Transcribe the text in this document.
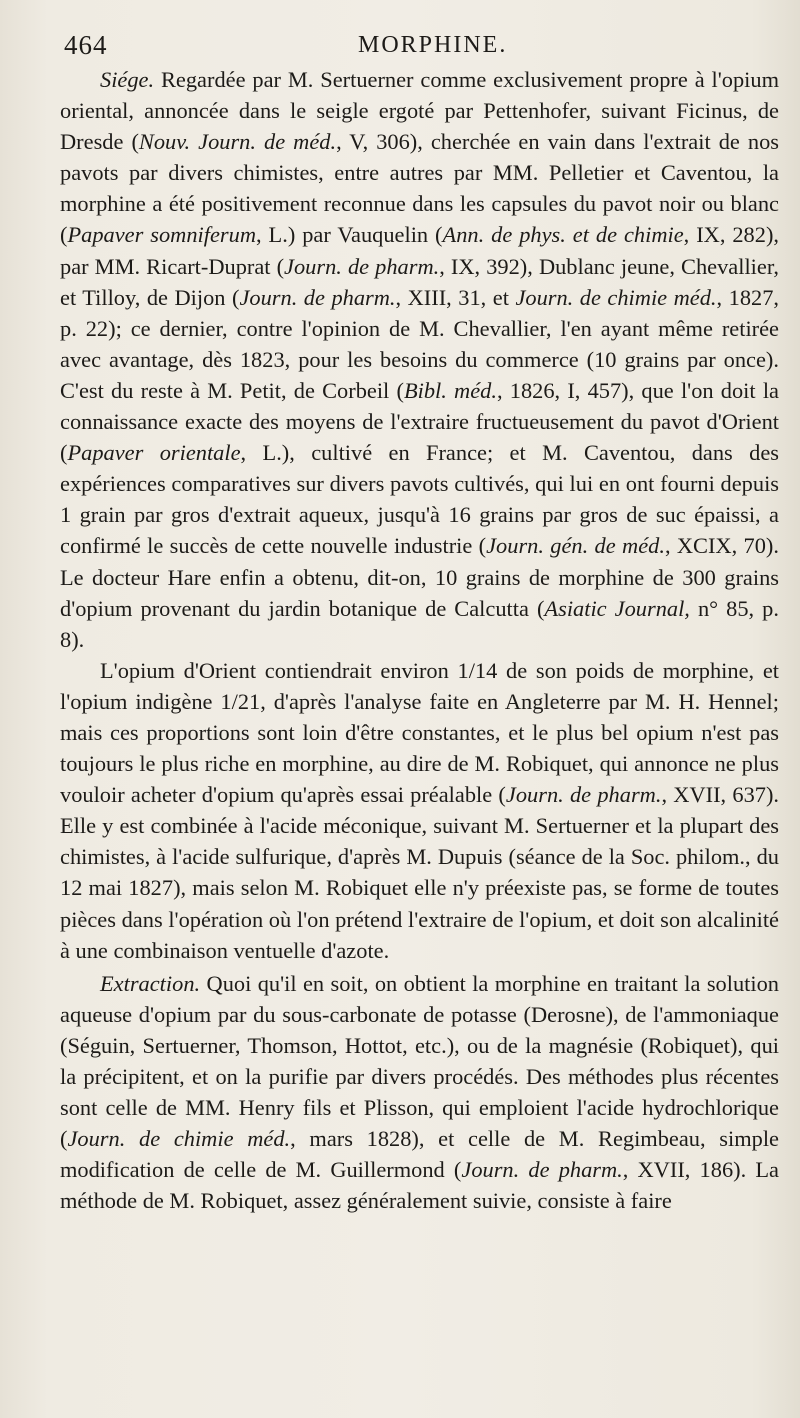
464	MORPHINE.

Siége. Regardée par M. Sertuerner comme exclusivement propre à l'opium oriental, annoncée dans le seigle ergoté par Pettenhofer, suivant Ficinus, de Dresde (Nouv. Journ. de méd., V, 306), cherchée en vain dans l'extrait de nos pavots par divers chimistes, entre autres par MM. Pelletier et Caventou, la morphine a été positivement reconnue dans les capsules du pavot noir ou blanc (Papaver somniferum, L.) par Vauquelin (Ann. de phys. et de chimie, IX, 282), par MM. Ricart-Duprat (Journ. de pharm., IX, 392), Dublanc jeune, Chevallier, et Tilloy, de Dijon (Journ. de pharm., XIII, 31, et Journ. de chimie méd., 1827, p. 22); ce dernier, contre l'opinion de M. Chevallier, l'en ayant même retirée avec avantage, dès 1823, pour les besoins du commerce (10 grains par once). C'est du reste à M. Petit, de Corbeil (Bibl. méd., 1826, I, 457), que l'on doit la connaissance exacte des moyens de l'extraire fructueusement du pavot d'Orient (Papaver orientale, L.), cultivé en France; et M. Caventou, dans des expériences comparatives sur divers pavots cultivés, qui lui en ont fourni depuis 1 grain par gros d'extrait aqueux, jusqu'à 16 grains par gros de suc épaissi, a confirmé le succès de cette nouvelle industrie (Journ. gén. de méd., XCIX, 70). Le docteur Hare enfin a obtenu, dit-on, 10 grains de morphine de 300 grains d'opium provenant du jardin botanique de Calcutta (Asiatic Journal, n° 85, p. 8).

L'opium d'Orient contiendrait environ 1/14 de son poids de morphine, et l'opium indigène 1/21, d'après l'analyse faite en Angleterre par M. H. Hennel; mais ces proportions sont loin d'être constantes, et le plus bel opium n'est pas toujours le plus riche en morphine, au dire de M. Robiquet, qui annonce ne plus vouloir acheter d'opium qu'après essai préalable (Journ. de pharm., XVII, 637). Elle y est combinée à l'acide méconique, suivant M. Sertuerner et la plupart des chimistes, à l'acide sulfurique, d'après M. Dupuis (séance de la Soc. philom., du 12 mai 1827), mais selon M. Robiquet elle n'y préexiste pas, se forme de toutes pièces dans l'opération où l'on prétend l'extraire de l'opium, et doit son alcalinité à une combinaison ventuelle d'azote.

Extraction. Quoi qu'il en soit, on obtient la morphine en traitant la solution aqueuse d'opium par du sous-carbonate de potasse (Derosne), de l'ammoniaque (Séguin, Sertuerner, Thomson, Hottot, etc.), ou de la magnésie (Robiquet), qui la précipitent, et on la purifie par divers procédés. Des méthodes plus récentes sont celle de MM. Henry fils et Plisson, qui emploient l'acide hydrochlorique (Journ. de chimie méd., mars 1828), et celle de M. Regimbeau, simple modification de celle de M. Guillermond (Journ. de pharm., XVII, 186). La méthode de M. Robiquet, assez généralement suivie, consiste à faire
